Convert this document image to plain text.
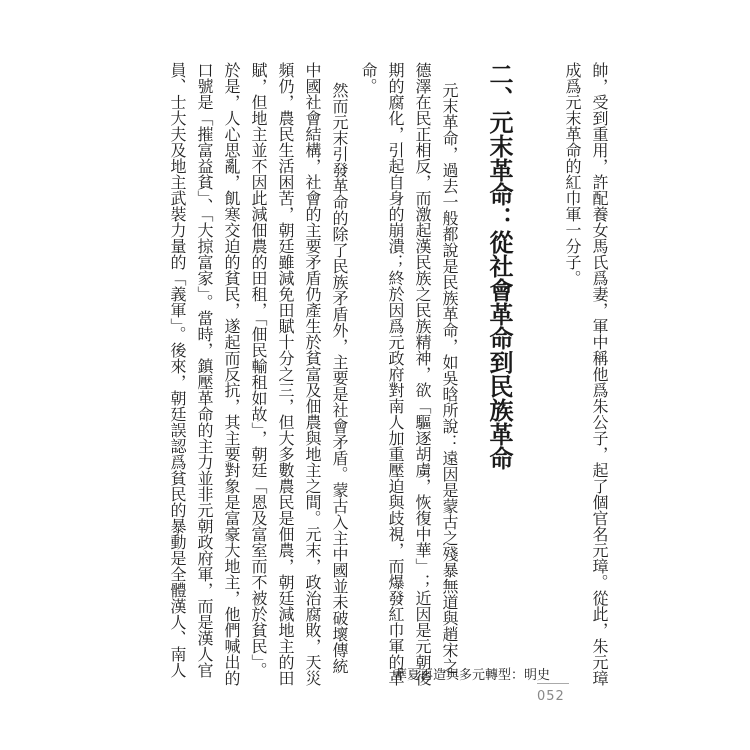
帥，受到重用，許配養女馬氏爲妻，軍中稱他爲朱公子，起了個官名元璋。從此，朱元璋
成爲元末革命的紅巾軍一分子。
二、元末革命：從社會革命到民族革命
元末革命，過去一般都說是民族革命，如吳晗所說：遠因是蒙古之殘暴無道與趙宋之
德澤在民正相反，而激起漢民族之民族精神，欲「驅逐胡虜，恢復中華」；近因是元朝後
期的腐化，引起自身的崩潰；終於因爲元政府對南人加重壓迫與歧視，而爆發紅巾軍的革
命。
然而元末引發革命的除了民族矛盾外，主要是社會矛盾。蒙古入主中國並未破壞傳統
中國社會結構，社會的主要矛盾仍產生於貧富及佃農與地主之間。元末，政治腐敗，天災
頻仍，農民生活困苦，朝廷雖減免田賦十分之三，但大多數農民是佃農，朝廷減地主的田
賦，但地主並不因此減佃農的田租，「佃民輸租如故」，朝廷「恩及富室而不被於貧民」。
於是，人心思亂，飢寒交迫的貧民，遂起而反抗，其主要對象是富豪大地主，他們喊出的
口號是「摧富益貧」、「大掠富家」。當時，鎮壓革命的主力並非元朝政府軍，而是漢人官
員、士大夫及地主武裝力量的「義軍」。後來，朝廷誤認爲貧民的暴動是全體漢人、南人	華夏再造與多元轉型：明史
052
